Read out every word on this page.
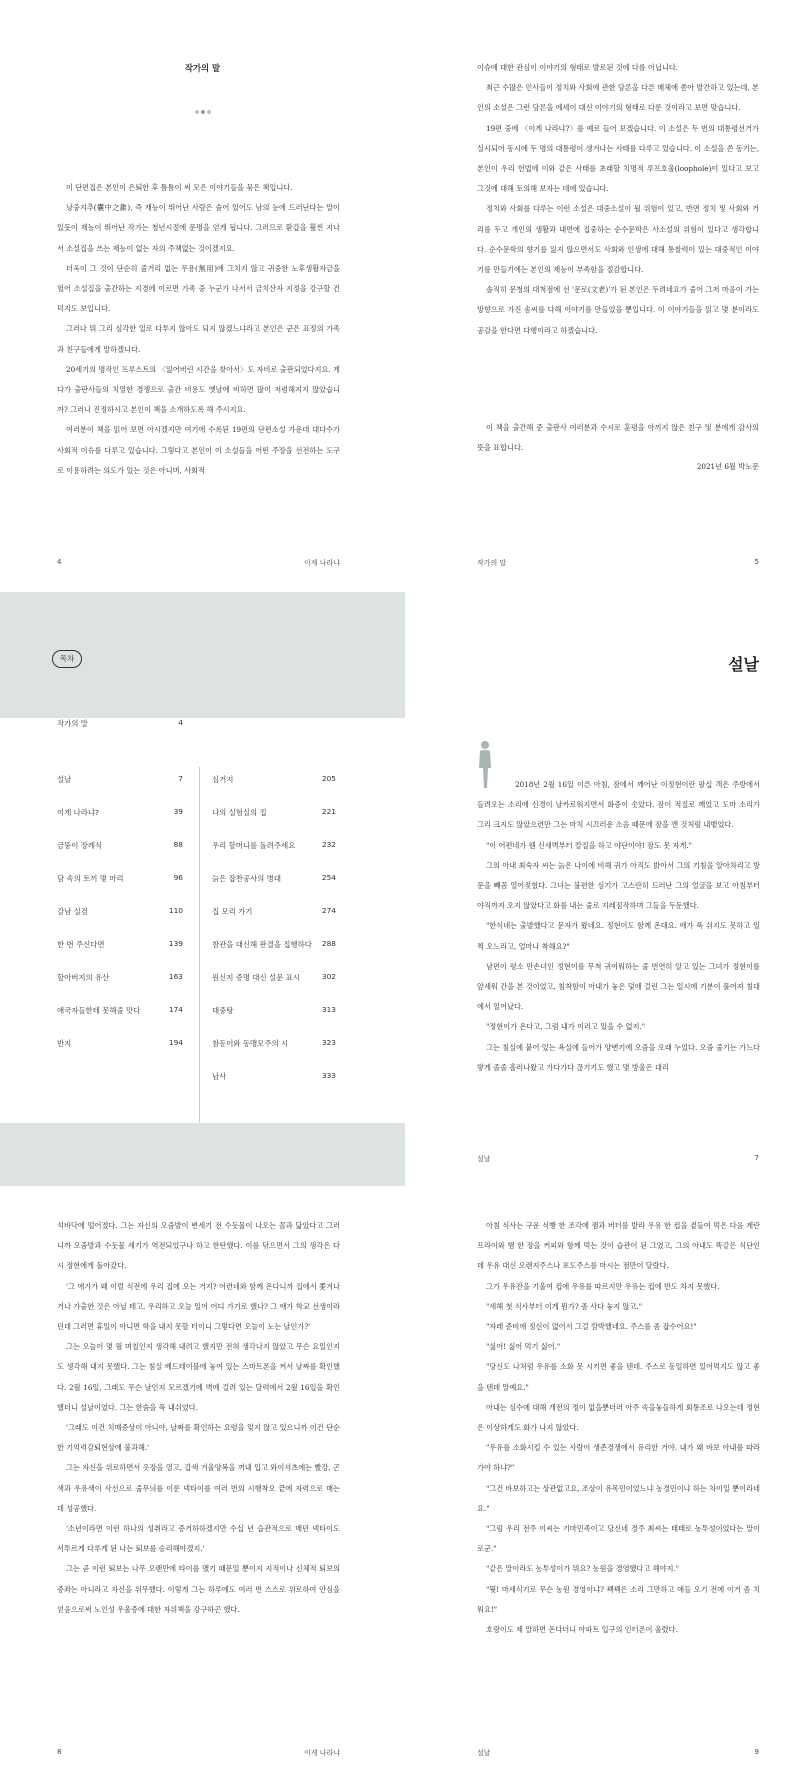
작가의 말

이 단편집은 본인이 은퇴한 후 틈틈이 써 모은 이야기들을 묶은 책입니다.

낭중지추(囊中之錐), 즉 재능이 뛰어난 사람은 숨어 있어도 남의 눈에 드러난다는 말이 있듯이 재능이 뛰어난 작가는 청년시절에 문명을 얻게 됩니다. 그러므로 환갑을 훨씬 지나서 소설집을 쓰는 재능이 없는 자의 주책없는 것이겠지요.

더욱이 그 것이 단순히 줄거리 없는 무용(無用)에 그치지 않고 귀중한 노후생활자금을 헐어 소설집을 출간하는 지경에 이르면 가족 중 누군가 나서서 금치산자 지정을 강구할 건덕지도 보입니다.

그러나 뭐 그리 심각한 일로 다투지 않아도 되지 않겠느냐라고 본인은 군은 표정의 가족과 친구들에게 말하겠니다.

20세기의 명작인 프루스트의 〈잃어버린 시간을 찾아서〉도 자비로 출판되었다지요. 게다가 출판사들의 치열한 경쟁으로 출간 비용도 옛날에 비하면 많이 저렴해지지 않았습니까? 그러니 진정하시고 본인이 책을 소개하도록 해 주시지요.

여러분이 책을 읽어 보면 아시겠지만 여기에 수록된 19편의 단편소설 가운데 대다수가 사회적 이슈를 다루고 있습니다. 그렇다고 본인이 이 소설들을 어떤 주장을 선전하는 도구로 이용하려는 의도가 있는 것은 아니며, 사회적

4	이게 나라냐

이슈에 대한 관심이 이야기의 형태로 발로된 것에 다름 아닙니다.

최근 수많은 인사들이 정치와 사회에 관한 담론을 다른 매체에 쏟아 발간하고 있는데, 본인의 소설은 그런 담론을 에세이 대신 이야기의 형태로 다룬 것이라고 보면 맞습니다.

19편 중에 〈이게 나라냐?〉를 예로 들어 보겠습니다. 이 소설은 두 번의 대통령선거가 실시되어 동시에 두 명의 대통령이 생겨나는 사태를 다루고 있습니다. 이 소설을 쓴 동기는, 본인이 우리 헌법에 이와 같은 사태를 초래할 치명적 루프호울(loophole)이 있다고 보고 그것에 대해 토의해 보자는 데에 있습니다.

정치와 사회를 다루는 이런 소설은 대중소설이 될 위험이 있고, 반면 정치 및 사회와 거리를 두고 개인의 생활과 내면에 집중하는 순수문학은 사소설의 위험이 있다고 생각합니다. 순수문학의 향기를 잃지 않으면서도 사회와 인생에 대해 통찰력이 있는 대중적인 이야기를 만들기에는 본인의 재능이 부족함을 절감합니다.

솔직히 문청의 대척점에 선 '문로(文老)'가 된 본인은 두려네요가 줄어 그저 마음이 가는 방향으로 가진 솜씨를 다해 이야기를 만들었을 뿐입니다. 이 이야기들을 읽고 몇 분이라도 공감을 한다면 다행이라고 하겠습니다.

이 책을 출간해 준 출판사 여러분과 수시로 훈평을 아끼지 않은 친구 및 분에게 감사의 뜻을 표합니다.

2021년 6월 박노문
작가의 말	5
목차
작가의 말	4
설날	7
이게 나라냐?	39
금뚱이 장례식	88
담 속의 토끼 몇 마리	96
갈남 실검	110
한 번 주신다면	139
할아버지의 유산	163
애국자들한테 못해줄 맛다	174
반지	194
심거지	205
나의 실험실의 집	221
우리 할머니를 돌려주세요	232
늙은 잡찬공사의 병대	254
집 모리 가기	274
참관을 대신해 판결을 집행하다 288
원신지 증명 대신 설문 표시	302
대중탕	313
참동이와 동맹모주의 시	323
남사	333
설날

2018년 2월 16일 이른 아침, 잠에서 깨어난 이정현이란 팔십 객은 주방에서 들려오는 소리에 신경이 날카로워지면서 화증이 솟았다. 잠이 적질로 깨었고 도마 소리가 그리 크지도 않았으련만 그는 마치 시끄러운 소음 때문에 잠을 깬 것처럼 내뱉었다.

"이 어편네가 웬 신새벽부터 칼질을 하고 야단이야! 잠도 못 자게."

그의 아내 최숙자 씨는 늙은 나이에 비해 귀가 아직도 밝아서 그의 기침을 알아차리고 방문을 빼꼼 열어젖혔다. 그녀는 불편한 심기가 고스란히 드러난 그의 얼굴을 보고 아침부터 야직까지 오지 않았다고 화를 내는 줄로 지레짐작하며 그들을 두둔했다.

"한식네는 출발했다고 문자가 왔네요. 정현이도 함께 온대요. 애가 푹 쉬지도 못하고 일찍 오느라고, 얼마나 착해요?"

남편이 평소 만손녀인 정현이를 무척 귀여워하는 줄 번연히 알고 있는 그녀가 정현이를 앞세워 간을 본 것이었고, 침착함이 아내가 놓은 덫에 걸린 그는 일시에 기분이 풀어져 침대에서 일어났다.

"정현이가 온다고, 그럼 내가 이러고 있을 수 없지."

그는 침실에 붙어 있는 욕실에 들어가 양변기에 오줌을 오래 누었다. 오줌 줄기는 가느다랗게 졸졸 흘러나왔고 가다가다 끊기기도 했고 몇 방울은 대리

설날	7

석바닥에 떨어졌다. 그는 자신의 오줌발이 변세기 전 수돗물이 나오는 꼴과 닮았다고 그러니까 오줌발과 수돗물 세기가 역전되었구나 하고 한탄했다. 이를 닦으면서 그의 생각은 다시 정현에게 돌아갔다.

'그 애가가 왜 이럴 식전에 우리 집에 오는 거지? 어련네와 함께 온다니까 집에서 쫓겨나거나 가출한 것은 아닐 테고, 우리하고 오늘 일어 어디 가기로 했나? 그 애가 학교 선생이라던데 그러면 휴일이 아니면 학을 내지 못할 터이니 그렇다면 오늘이 노는 날인가?'

그는 오늘이 몇 월 며칠인지 생각해 내려고 했지만 전혀 생각나지 않았고 무슨 요일인지도 생각해 내지 못했다. 그는 침실 베드테이블에 놓여 있는 스마트폰을 켜서 날짜를 확인했다. 2월 16일, 그래도 무슨 날인지 모르겠기에 벽에 걸려 있는 달력에서 2월 16일을 확인했더니 설날이었다. 그는 한숨을 푹 내쉬었다.

'그래도 이건 치매증상이 아니야, 날짜를 확인하는 요령을 잊지 않고 있으니까 이건 단순한 기억력감퇴현상에 불과해.'

그는 자신을 위로하면서 옷장을 열고, 갑색 겨울양복을 꺼내 입고 와이셔츠에는 빨강, 곤색과 우유색이 사선으로 줄무늬를 이룬 넥타이를 여러 번의 시행착오 끝에 자력으로 매는 데 성공했다.

'소년이라면 이런 하나의 성취라고 증거하하겠지만 수십 년 습관적으로 매던 넥타이도 서투르게 다루게 된 나는 퇴보를 승리해야겠지.'

그는 곧 이런 퇴보는 나무 오랜만에 타이를 맸기 때문일 뿐이지 지적이나 신체적 퇴보의 증좌는 아니라고 자신을 위무했다. 이렇게 그는 하루에도 여러 번 스스로 위로하여 안심을 얻음으로써 노인성 우울증에 대한 자위책을 강구하곤 했다.

8	이게 나라냐

아침 식사는 구운 식빵 한 조각에 잼과 버터를 발라 우유 한 컵을 곁들여 먹은 다음 계란프라이와 햄 한 장을 커피와 함께 먹는 것이 습관이 된 그였고, 그의 아내도 똑같은 식단인데 우유 대신 오렌지주스나 포도주스를 마시는 점만이 달랐다.

그가 우유잔을 기울여 컵에 우유를 따르지만 우유는 컵에 반도 차지 못했다.

"새해 첫 식사부터 이게 뭔가? 좀 사다 놓지 않고."

"자레 준비에 정신이 없어서 그걸 깜박했네요. 주스를 좀 잡수어요!"

"싫어! 싫어 먹기 싫어."

"당신도 나처럼 우유를 소화 못 시키면 좋을 텐데. 주스로 동일하면 있어먹지도 않고 좋을 텐데 말예요."

아내는 심수에 대해 개전의 정이 없을뿐더러 아주 속을놓들하게 회통조로 나오는데 정현은 이상하게도 화가 나지 않았다.

"우유를 소화시킬 수 있는 사람이 생존경쟁에서 유리한 거야. 내가 왜 바보 아내를 따라가야 하냐?"

"그건 바보하고는 상관없고요, 조상이 유목민이었느냐 농경민이냐 하는 차이일 뿐이라네요."

"그럼 우리 전주 이씨는 기마민족이고 당신네 경주 최씨는 태태로 농투성이었다는 말이로군."

"같은 말이라도 농투성이가 뭐요? 농원을 경영했다고 해야지."

"뭣! 마세식기로 무슨 농원 경영이냐? 꽥꽥은 소리 그만하고 애들 오기 전에 이거 좀 치워요!"

호랑이도 제 말하면 온다더니 아파트 입구의 인터폰이 울렸다.

설날	9
